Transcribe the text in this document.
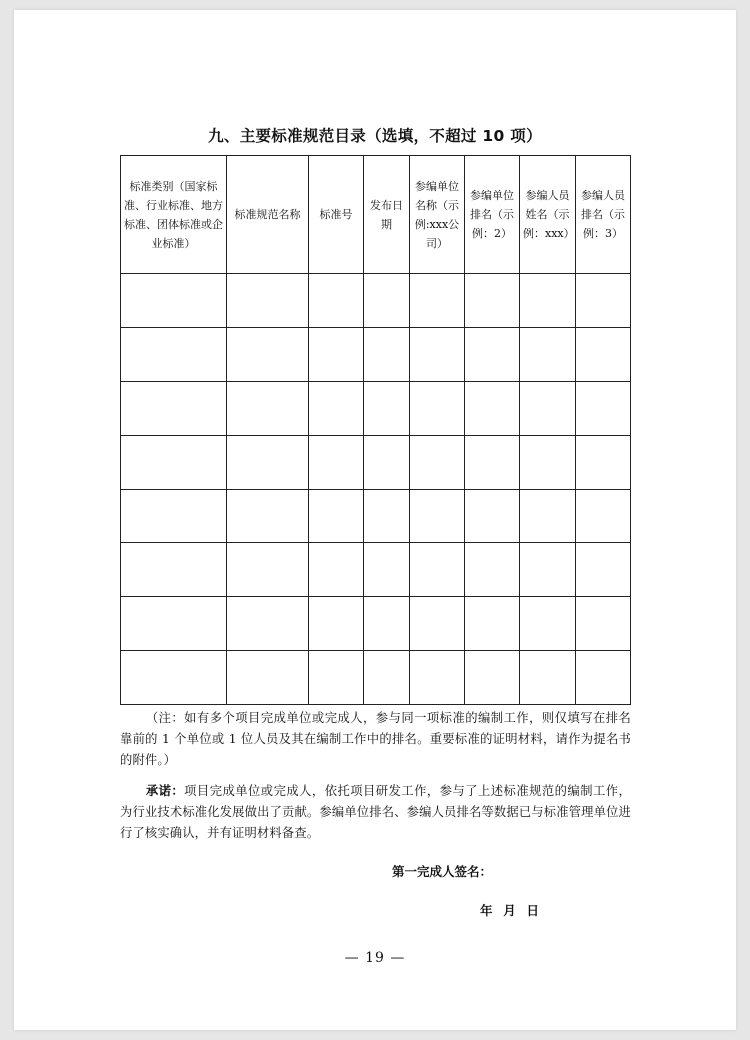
九、主要标准规范目录（选填，不超过 10 项）
标准类别（国家标准、行业标准、地方标准、团体标准或企业标准）	标准规范名称	标准号	发布日期	参编单位名称（示例:xxx公司）	参编单位排名（示例：2）	参编人员姓名（示例：xxx）	参编人员排名（示例：3）

（注：如有多个项目完成单位或完成人，参与同一项标准的编制工作，则仅填写在排名靠前的 1 个单位或 1 位人员及其在编制工作中的排名。重要标准的证明材料，请作为提名书的附件。）
承诺：项目完成单位或完成人，依托项目研发工作，参与了上述标准规范的编制工作，为行业技术标准化发展做出了贡献。参编单位排名、参编人员排名等数据已与标准管理单位进行了核实确认，并有证明材料备查。
第一完成人签名：
年 月 日
— 19 —
